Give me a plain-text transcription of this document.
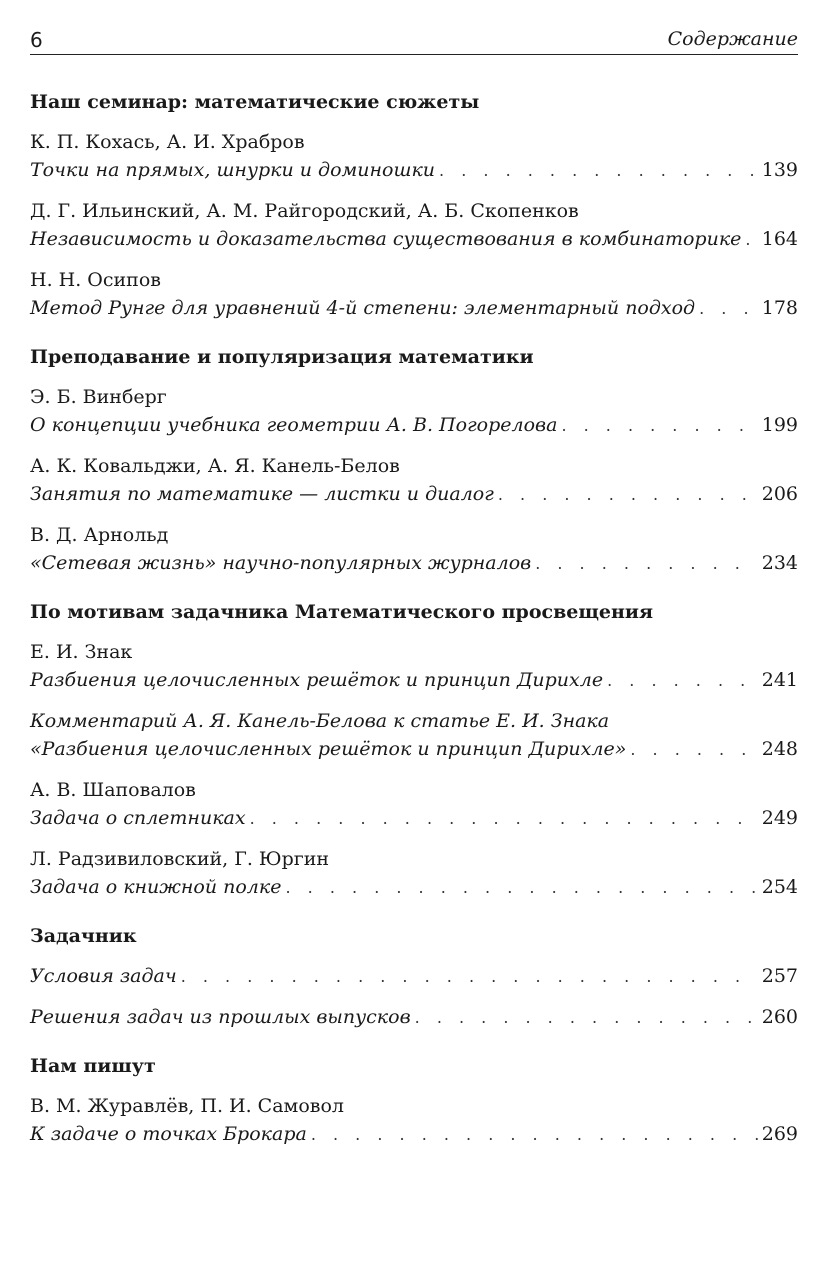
6	Содержание
Наш семинар: математические сюжеты
К. П. Кохась, А. И. Храбров
Точки на прямых, шнурки и доминошки . . .	139
Д. Г. Ильинский, А. М. Райгородский, А. Б. Скопенков
Независимость и доказательства существования в комбинаторике . . . 164
Н. Н. Осипов
Метод Рунге для уравнений 4-й степени: элементарный подход . . .	178
Преподавание и популяризация математики
Э. Б. Винберг
О концепции учебника геометрии А. В. Погорелова . . .	199
А. К. Ковальджи, А. Я. Канель-Белов
Занятия по математике — листки и диалог . . .	206
В. Д. Арнольд
«Сетевая жизнь» научно-популярных журналов . . .	234
По мотивам задачника Математического просвещения
Е. И. Знак
Разбиения целочисленных решёток и принцип Дирихле . . .	241
Комментарий А. Я. Канель-Белова к статье Е. И. Знака
«Разбиения целочисленных решёток и принцип Дирихле» . . .	248
А. В. Шаповалов
Задача о сплетниках . . .	249
Л. Радзивиловский, Г. Юргин
Задача о книжной полке . . .	254
Задачник
Условия задач . . .	257
Решения задач из прошлых выпусков . . .	260
Нам пишут
В. М. Журавлёв, П. И. Самовол
К задаче о точках Брокара . . .	269
